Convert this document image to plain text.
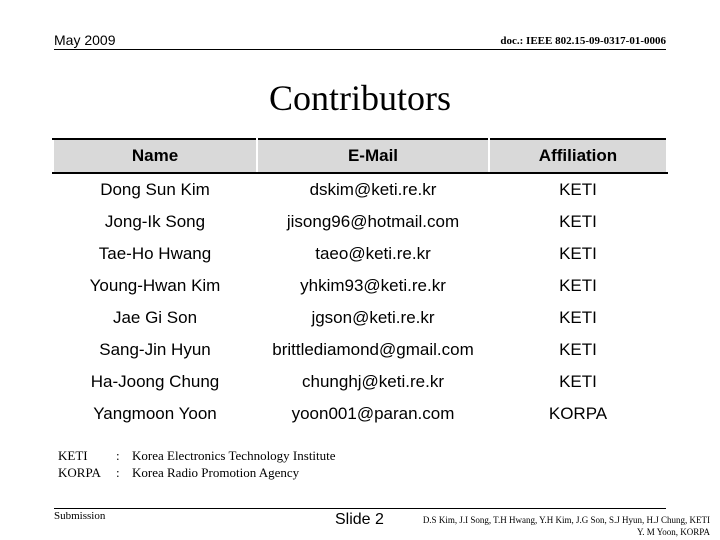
May 2009	doc.: IEEE 802.15-09-0317-01-0006
Contributors
Name	E-Mail	Affiliation
Dong Sun Kim	dskim@keti.re.kr	KETI
Jong-Ik Song	jisong96@hotmail.com	KETI
Tae-Ho Hwang	taeo@keti.re.kr	KETI
Young-Hwan Kim	yhkim93@keti.re.kr	KETI
Jae Gi Son	jgson@keti.re.kr	KETI
Sang-Jin Hyun	brittlediamond@gmail.com	KETI
Ha-Joong Chung	chunghj@keti.re.kr	KETI
Yangmoon Yoon	yoon001@paran.com	KORPA
KETI	: Korea Electronics Technology Institute
KORPA	: Korea Radio Promotion Agency
Submission	Slide 2	D.S Kim, J.I Song, T.H Hwang, Y.H Kim, J.G Son, S.J Hyun, H.J Chung, KETI
Y. M Yoon, KORPA
